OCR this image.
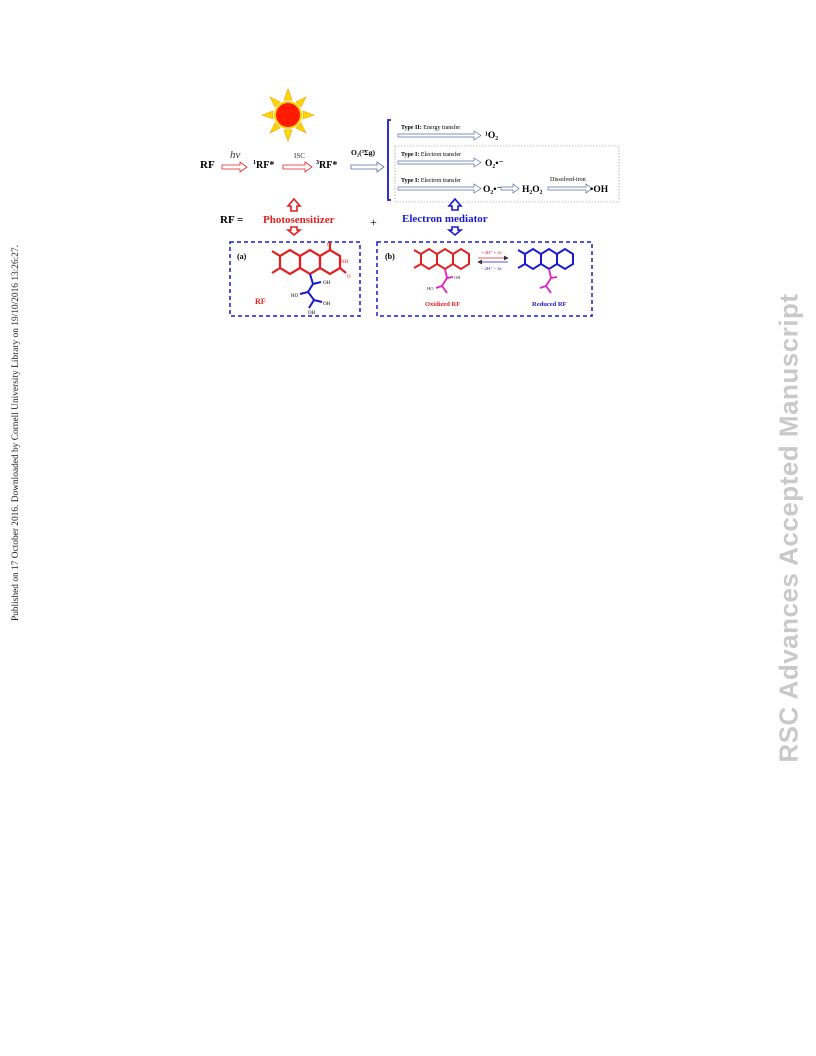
Published on 17 October 2016. Downloaded by Cornell University Library on 19/10/2016 13:26:27.	RSC Advances Accepted Manuscript
RF
hv
$^1$RF*
ISC
$^3$RF*
O₂(³Σg)
Type II: Energy transfer
¹O₂
Type I: Electron transfer
O₂•⁻
Type I: Electron transfer
O₂•⁻ H₂O₂
Dissolved-iron
•OH
RF = Photosensitizer	+ Electron mediator
(a)
RF
O
NH
O
OH
HO
OH
OH
(b)
OH
HO
Oxidized RF
+ 2H⁺ + 2e
− 2H⁺ − 2e
Reduced RF
